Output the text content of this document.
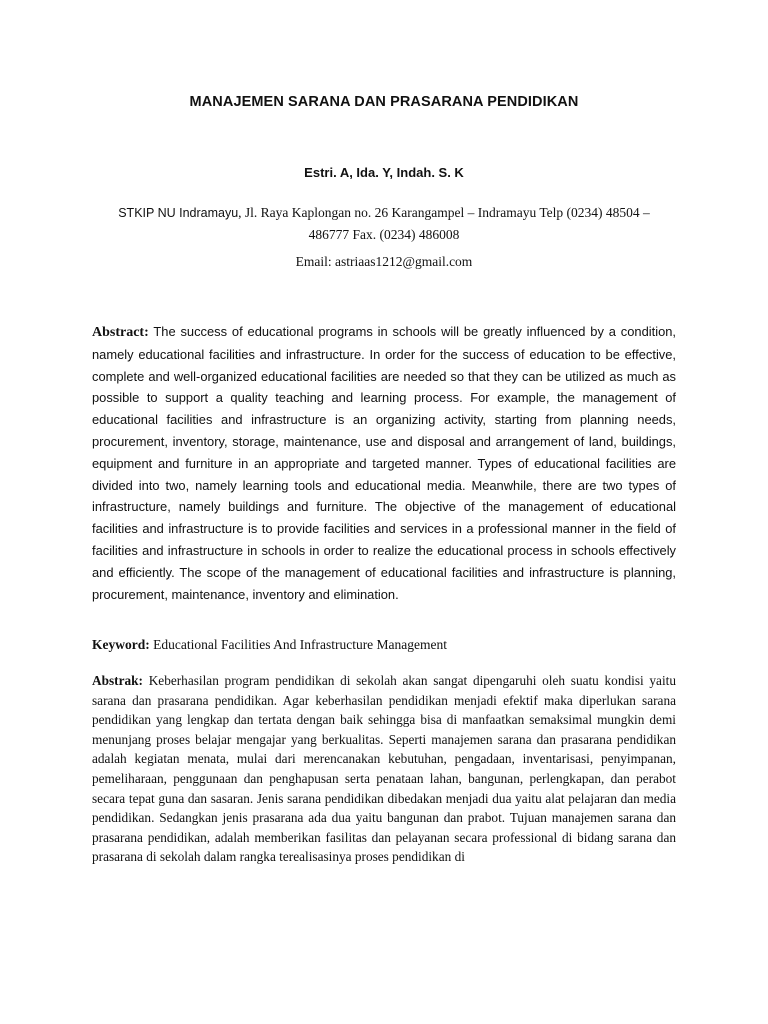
MANAJEMEN SARANA DAN PRASARANA PENDIDIKAN
Estri. A, Ida. Y, Indah. S. K
STKIP NU Indramayu, Jl. Raya Kaplongan no. 26 Karangampel – Indramayu Telp (0234) 48504 –
486777 Fax. (0234) 486008
Email: astriaas1212@gmail.com

Abstract: The success of educational programs in schools will be greatly influenced by a condition, namely educational facilities and infrastructure. In order for the success of education to be effective, complete and well-organized educational facilities are needed so that they can be utilized as much as possible to support a quality teaching and learning process. For example, the management of educational facilities and infrastructure is an organizing activity, starting from planning needs, procurement, inventory, storage, maintenance, use and disposal and arrangement of land, buildings, equipment and furniture in an appropriate and targeted manner. Types of educational facilities are divided into two, namely learning tools and educational media. Meanwhile, there are two types of infrastructure, namely buildings and furniture. The objective of the management of educational facilities and infrastructure is to provide facilities and services in a professional manner in the field of facilities and infrastructure in schools in order to realize the educational process in schools effectively and efficiently. The scope of the management of educational facilities and infrastructure is planning, procurement, maintenance, inventory and elimination.

Keyword: Educational Facilities And Infrastructure Management

Abstrak: Keberhasilan program pendidikan di sekolah akan sangat dipengaruhi oleh suatu kondisi yaitu sarana dan prasarana pendidikan. Agar keberhasilan pendidikan menjadi efektif maka diperlukan sarana pendidikan yang lengkap dan tertata dengan baik sehingga bisa di manfaatkan semaksimal mungkin demi menunjang proses belajar mengajar yang berkualitas. Seperti manajemen sarana dan prasarana pendidikan adalah kegiatan menata, mulai dari merencanakan kebutuhan, pengadaan, inventarisasi, penyimpanan, pemeliharaan, penggunaan dan penghapusan serta penataan lahan, bangunan, perlengkapan, dan perabot secara tepat guna dan sasaran. Jenis sarana pendidikan dibedakan menjadi dua yaitu alat pelajaran dan media pendidikan. Sedangkan jenis prasarana ada dua yaitu bangunan dan prabot. Tujuan manajemen sarana dan prasarana pendidikan, adalah memberikan fasilitas dan pelayanan secara professional di bidang sarana dan prasarana di sekolah dalam rangka terealisasinya proses pendidikan di
